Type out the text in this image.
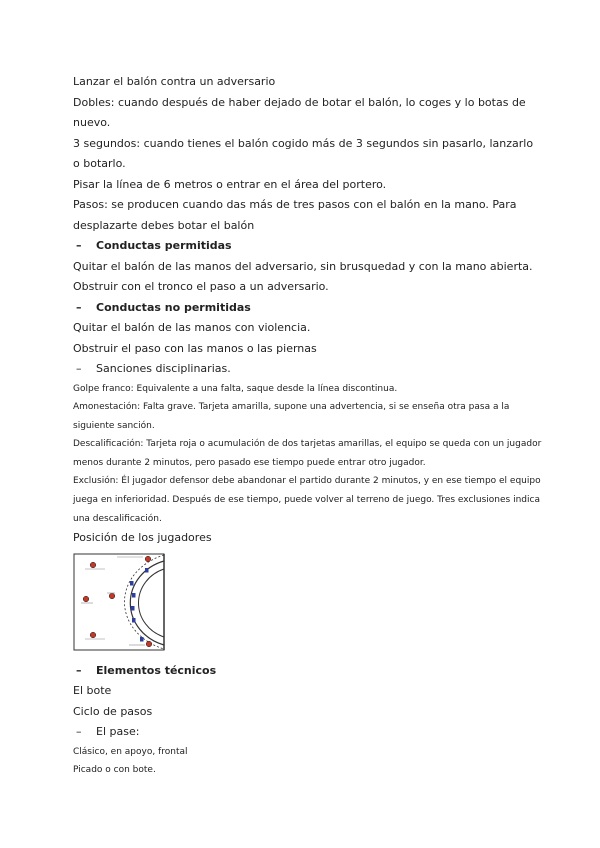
Lanzar el balón contra un adversario

Dobles: cuando después de haber dejado de botar el balón, lo coges y lo botas de nuevo.

3 segundos: cuando tienes el balón cogido más de 3 segundos sin pasarlo, lanzarlo o botarlo.

Pisar la línea de 6 metros o entrar en el área del portero.

Pasos: se producen cuando das más de tres pasos con el balón en la mano. Para desplazarte debes botar el balón

–	Conductas permitidas

Quitar el balón de las manos del adversario, sin brusquedad y con la mano abierta.

Obstruir con el tronco el paso a un adversario.

–	Conductas no permitidas

Quitar el balón de las manos con violencia.

Obstruir el paso con las manos o las piernas

–	Sanciones disciplinarias.

Golpe franco: Equivalente a una falta, saque desde la línea discontinua.

Amonestación: Falta grave. Tarjeta amarilla, supone una advertencia, si se enseña otra pasa a la siguiente sanción.

Descalificación: Tarjeta roja o acumulación de dos tarjetas amarillas, el equipo se queda con un jugador menos durante 2 minutos, pero pasado ese tiempo puede entrar otro jugador.

Exclusión: Él jugador defensor debe abandonar el partido durante 2 minutos, y en ese tiempo el equipo juega en inferioridad. Después de ese tiempo, puede volver al terreno de juego. Tres exclusiones indica una descalificación.

Posición de los jugadores

–	Elementos técnicos

El bote

Ciclo de pasos

–	El pase:

Clásico, en apoyo, frontal

Picado o con bote.
